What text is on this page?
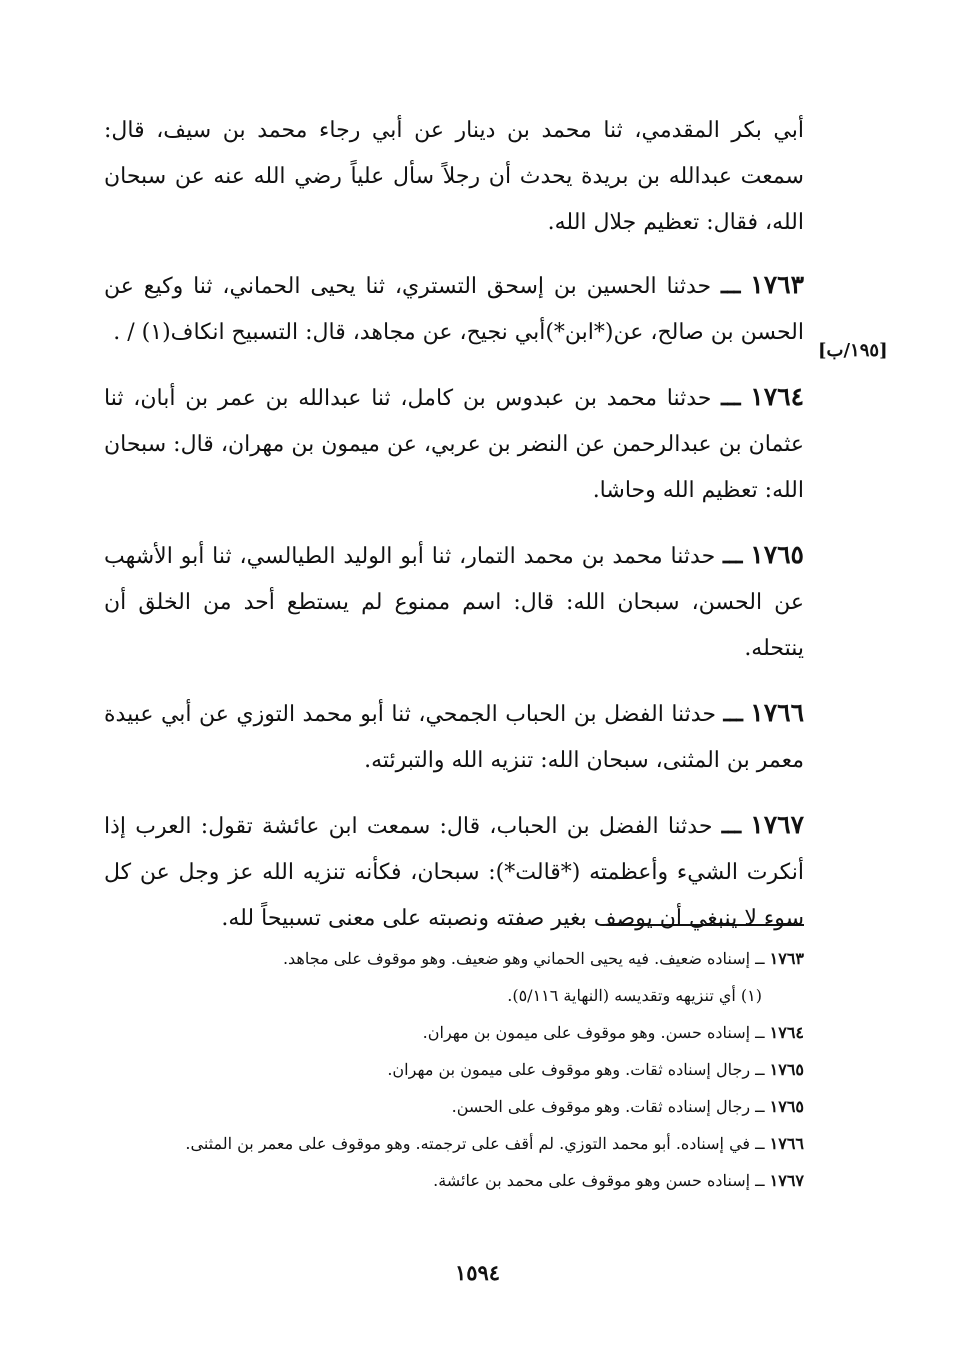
أبي بكر المقدمي، ثنا محمد بن دينار عن أبي رجاء محمد بن سيف، قال: سمعت عبدالله بن بريدة يحدث أن رجلاً سأل علياً رضي الله عنه عن سبحان الله، فقال: تعظيم جلال الله.

١٧٦٣ ـــ حدثنا الحسين بن إسحق التستري، ثنا يحيى الحماني، ثنا وكيع عن الحسن بن صالح، عن(*ابن*)أبي نجيح، عن مجاهد، قال: التسبيح انكاف(١) / .

١٧٦٤ ـــ حدثنا محمد بن عبدوس بن كامل، ثنا عبدالله بن عمر بن أبان، ثنا عثمان بن عبدالرحمن عن النضر بن عربي، عن ميمون بن مهران، قال: سبحان الله: تعظيم الله وحاشا.

١٧٦٥ ـــ حدثنا محمد بن محمد التمار، ثنا أبو الوليد الطيالسي، ثنا أبو الأشهب عن الحسن، سبحان الله: قال: اسم ممنوع لم يستطع أحد من الخلق أن ينتحله.

١٧٦٦ ـــ حدثنا الفضل بن الحباب الجمحي، ثنا أبو محمد التوزي عن أبي عبيدة معمر بن المثنى، سبحان الله: تنزيه الله والتبرئته.

١٧٦٧ ـــ حدثنا الفضل بن الحباب، قال: سمعت ابن عائشة تقول: العرب إذا أنكرت الشيء وأعظمته (*قالت*): سبحان، فكأنه تنزيه الله عز وجل عن كل سوء لا ينبغي أن يوصف بغير صفته ونصبته على معنى تسبيحاً لله.

[١٩٥/ب]

١٧٦٣ ــ إسناده ضعيف. فيه يحيى الحماني وهو ضعيف. وهو موقوف على مجاهد.

(١) أي تنزيهه وتقديسه (النهاية ٥/١١٦).

١٧٦٤ ــ إسناده حسن. وهو موقوف على ميمون بن مهران.

١٧٦٥ ــ رجال إسناده ثقات. وهو موقوف على ميمون بن مهران.

١٧٦٥ ــ رجال إسناده ثقات. وهو موقوف على الحسن.

١٧٦٦ ــ في إسناده. أبو محمد التوزي. لم أقف على ترجمته. وهو موقوف على معمر بن المثنى.

١٧٦٧ ــ إسناده حسن وهو موقوف على محمد بن عائشة.

١٥٩٤
